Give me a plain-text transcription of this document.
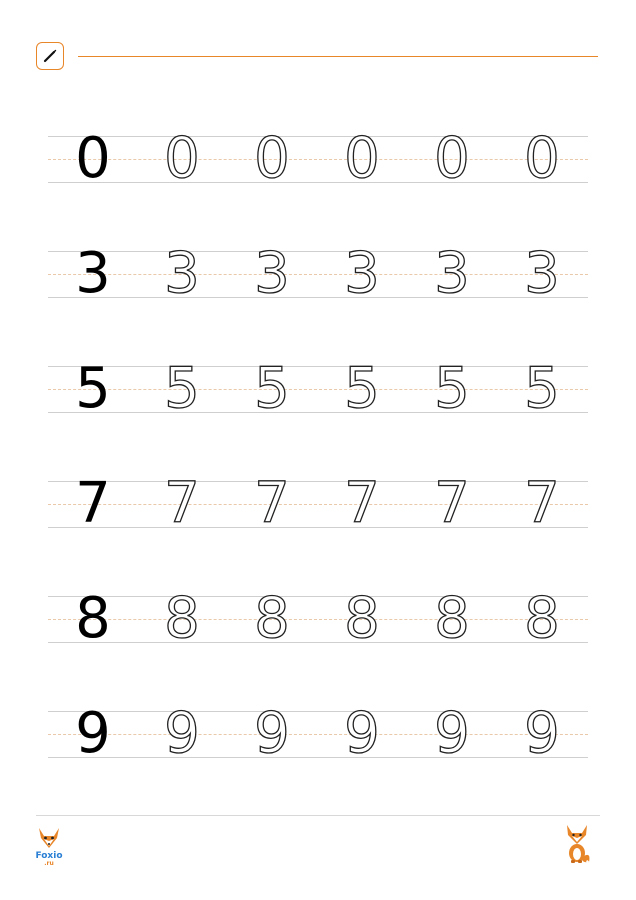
0 0 0 0 0 0
3 3 3 3 3 3
5 5 5 5 5 5
7 7 7 7 7 7
8 8 8 8 8 8
9 9 9 9 9 9
Foxio
.ru
